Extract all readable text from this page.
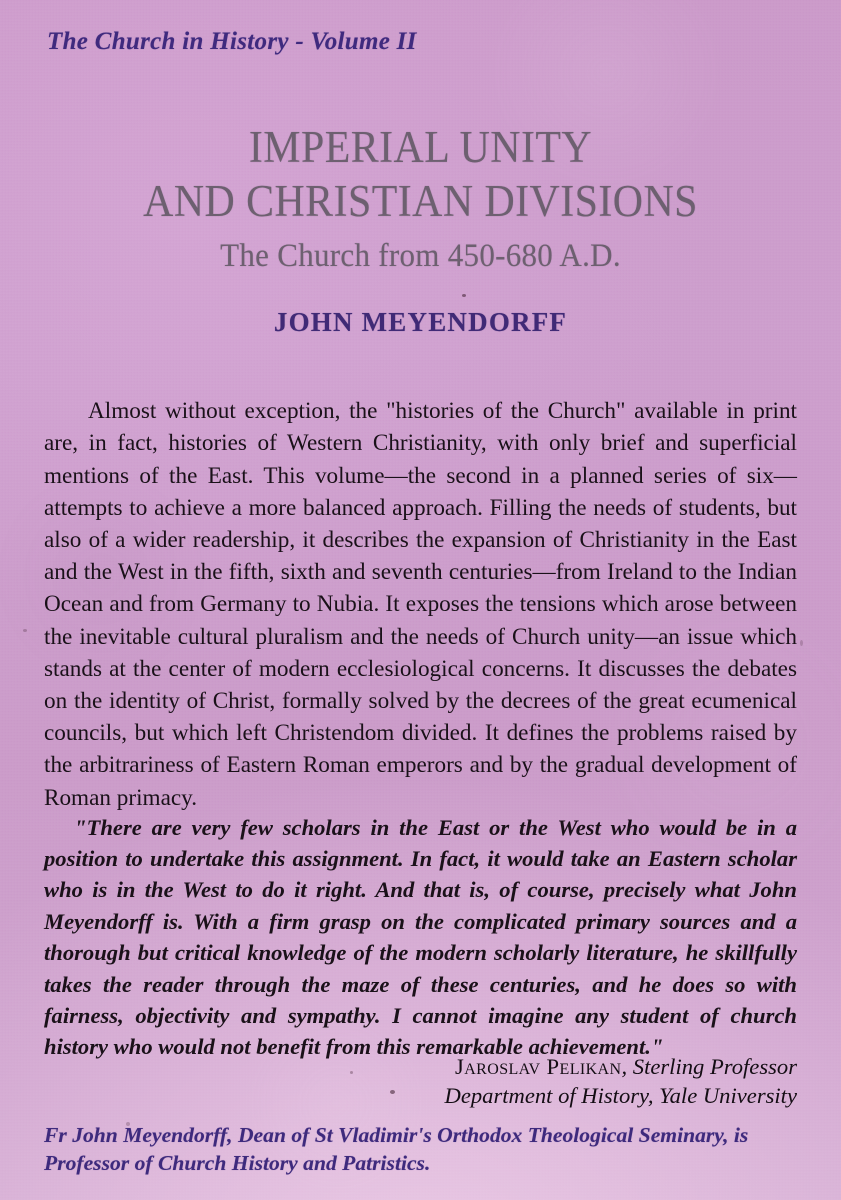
The Church in History - Volume II
IMPERIAL UNITY
AND CHRISTIAN DIVISIONS
The Church from 450-680 A.D.
JOHN MEYENDORFF

Almost without exception, the "histories of the Church" available in print are, in fact, histories of Western Christianity, with only brief and superficial mentions of the East. This volume—the second in a planned series of six—attempts to achieve a more balanced approach. Filling the needs of students, but also of a wider readership, it describes the expansion of Christianity in the East and the West in the fifth, sixth and seventh centuries—from Ireland to the Indian Ocean and from Germany to Nubia. It exposes the tensions which arose between the inevitable cultural pluralism and the needs of Church unity—an issue which stands at the center of modern ecclesiological concerns. It discusses the debates on the identity of Christ, formally solved by the decrees of the great ecumenical councils, but which left Christendom divided. It defines the problems raised by the arbitrariness of Eastern Roman emperors and by the gradual development of Roman primacy.

"There are very few scholars in the East or the West who would be in a position to undertake this assignment. In fact, it would take an Eastern scholar who is in the West to do it right. And that is, of course, precisely what John Meyendorff is. With a firm grasp on the complicated primary sources and a thorough but critical knowledge of the modern scholarly literature, he skillfully takes the reader through the maze of these centuries, and he does so with fairness, objectivity and sympathy. I cannot imagine any student of church history who would not benefit from this remarkable achievement."

Jaroslav Pelikan, Sterling Professor
Department of History, Yale University
Fr John Meyendorff, Dean of St Vladimir's Orthodox Theological Seminary, is Professor of Church History and Patristics.
